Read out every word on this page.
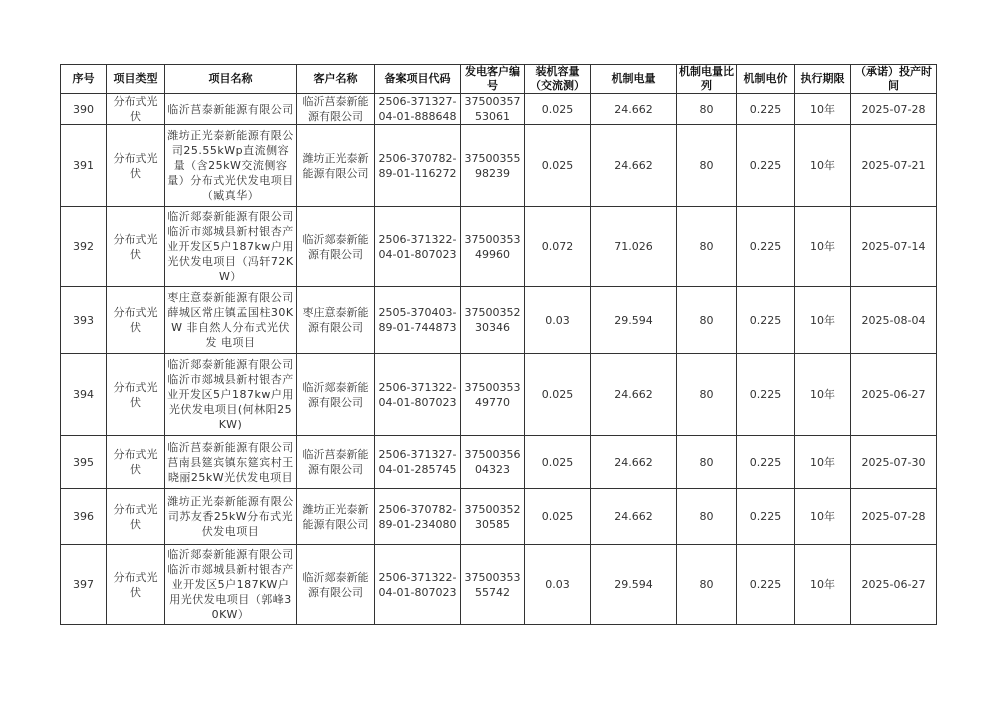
序号	项目类型	项目名称	客户名称	备案项目代码	发电客户编号	装机容量（交流测）	机制电量	机制电量比列	机制电价	执行期限	（承诺）投产时间
390	分布式光伏	临沂莒泰新能源有限公司	临沂莒泰新能源有限公司	2506-371327-04-01-888648	3750035753061	0.025	24.662	80	0.225	10年	2025-07-28
391	分布式光伏	潍坊正光泰新能源有限公司25.55kWp直流侧容量（含25kW交流侧容量）分布式光伏发电项目（臧真华）	潍坊正光泰新能源有限公司	2506-370782-89-01-116272	3750035598239	0.025	24.662	80	0.225	10年	2025-07-21
392	分布式光伏	临沂郯泰新能源有限公司临沂市郯城县新村银杏产业开发区5户187kw户用光伏发电项目（冯轩72KW）	临沂郯泰新能源有限公司	2506-371322-04-01-807023	3750035349960	0.072	71.026	80	0.225	10年	2025-07-14
393	分布式光伏	枣庄意泰新能源有限公司薛城区常庄镇孟国柱30KW 非自然人分布式光伏发 电项目	枣庄意泰新能源有限公司	2505-370403-89-01-744873	3750035230346	0.03	29.594	80	0.225	10年	2025-08-04
394	分布式光伏	临沂郯泰新能源有限公司临沂市郯城县新村银杏产业开发区5户187kw户用光伏发电项目(何林阳25KW)	临沂郯泰新能源有限公司	2506-371322-04-01-807023	3750035349770	0.025	24.662	80	0.225	10年	2025-06-27
395	分布式光伏	临沂莒泰新能源有限公司莒南县筵宾镇东筵宾村王晓丽25kW光伏发电项目	临沂莒泰新能源有限公司	2506-371327-04-01-285745	3750035604323	0.025	24.662	80	0.225	10年	2025-07-30
396	分布式光伏	潍坊正光泰新能源有限公司苏友香25kW分布式光伏发电项目	潍坊正光泰新能源有限公司	2506-370782-89-01-234080	3750035230585	0.025	24.662	80	0.225	10年	2025-07-28
397	分布式光伏	临沂郯泰新能源有限公司临沂市郯城县新村银杏产业开发区5户187KW户用光伏发电项目（郭峰30KW）	临沂郯泰新能源有限公司	2506-371322-04-01-807023	3750035355742	0.03	29.594	80	0.225	10年	2025-06-27
